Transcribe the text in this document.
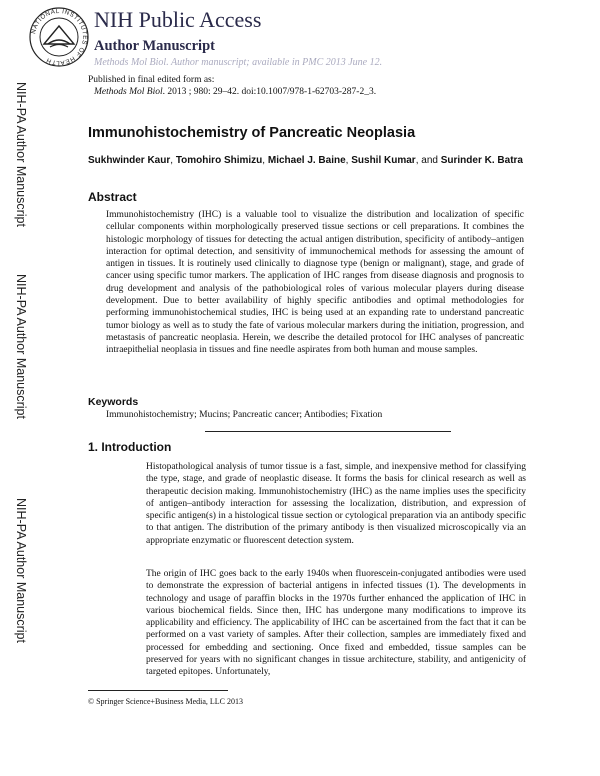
NATIONAL INSTITUTES OF HEALTH
NIH Public Access
Author Manuscript
Methods Mol Biol. Author manuscript; available in PMC 2013 June 12.
Published in final edited form as:
Methods Mol Biol. 2013 ; 980: 29–42. doi:10.1007/978-1-62703-287-2_3.
NIH-PA Author Manuscript
NIH-PA Author Manuscript
NIH-PA Author Manuscript
Immunohistochemistry of Pancreatic Neoplasia
Sukhwinder Kaur, Tomohiro Shimizu, Michael J. Baine, Sushil Kumar, and Surinder K. Batra
Abstract
Immunohistochemistry (IHC) is a valuable tool to visualize the distribution and localization of specific cellular components within morphologically preserved tissue sections or cell preparations. It combines the histologic morphology of tissues for detecting the actual antigen distribution, specificity of antibody–antigen interaction for optimal detection, and sensitivity of immunochemical methods for assessing the amount of antigen in tissues. It is routinely used clinically to diagnose type (benign or malignant), stage, and grade of cancer using specific tumor markers. The application of IHC ranges from disease diagnosis and prognosis to drug development and analysis of the pathobiological roles of various molecular players during disease development. Due to better availability of highly specific antibodies and optimal methodologies for performing immunohistochemical studies, IHC is being used at an expanding rate to understand pancreatic tumor biology as well as to study the fate of various molecular markers during the initiation, progression, and metastasis of pancreatic neoplasia. Herein, we describe the detailed protocol for IHC analyses of pancreatic intraepithelial neoplasia in tissues and fine needle aspirates from both human and mouse samples.
Keywords
Immunohistochemistry; Mucins; Pancreatic cancer; Antibodies; Fixation
1. Introduction
Histopathological analysis of tumor tissue is a fast, simple, and inexpensive method for classifying the type, stage, and grade of neoplastic disease. It forms the basis for clinical research as well as therapeutic decision making. Immunohistochemistry (IHC) as the name implies uses the specificity of antigen–antibody interaction for assessing the localization, distribution, and expression of specific antigen(s) in a histological tissue section or cytological preparation via an antibody specific to that antigen. The distribution of the primary antibody is then visualized microscopically via an appropriate enzymatic or fluorescent detection system.
The origin of IHC goes back to the early 1940s when fluorescein-conjugated antibodies were used to demonstrate the expression of bacterial antigens in infected tissues (1). The developments in technology and usage of paraffin blocks in the 1970s further enhanced the application of IHC in various biochemical fields. Since then, IHC has undergone many modifications to improve its applicability and efficiency. The applicability of IHC can be ascertained from the fact that it can be performed on a vast variety of samples. After their collection, samples are immediately fixed and processed for embedding and sectioning. Once fixed and embedded, tissue samples can be preserved for years with no significant changes in tissue architecture, stability, and antigenicity of targeted epitopes. Unfortunately,
© Springer Science+Business Media, LLC 2013
